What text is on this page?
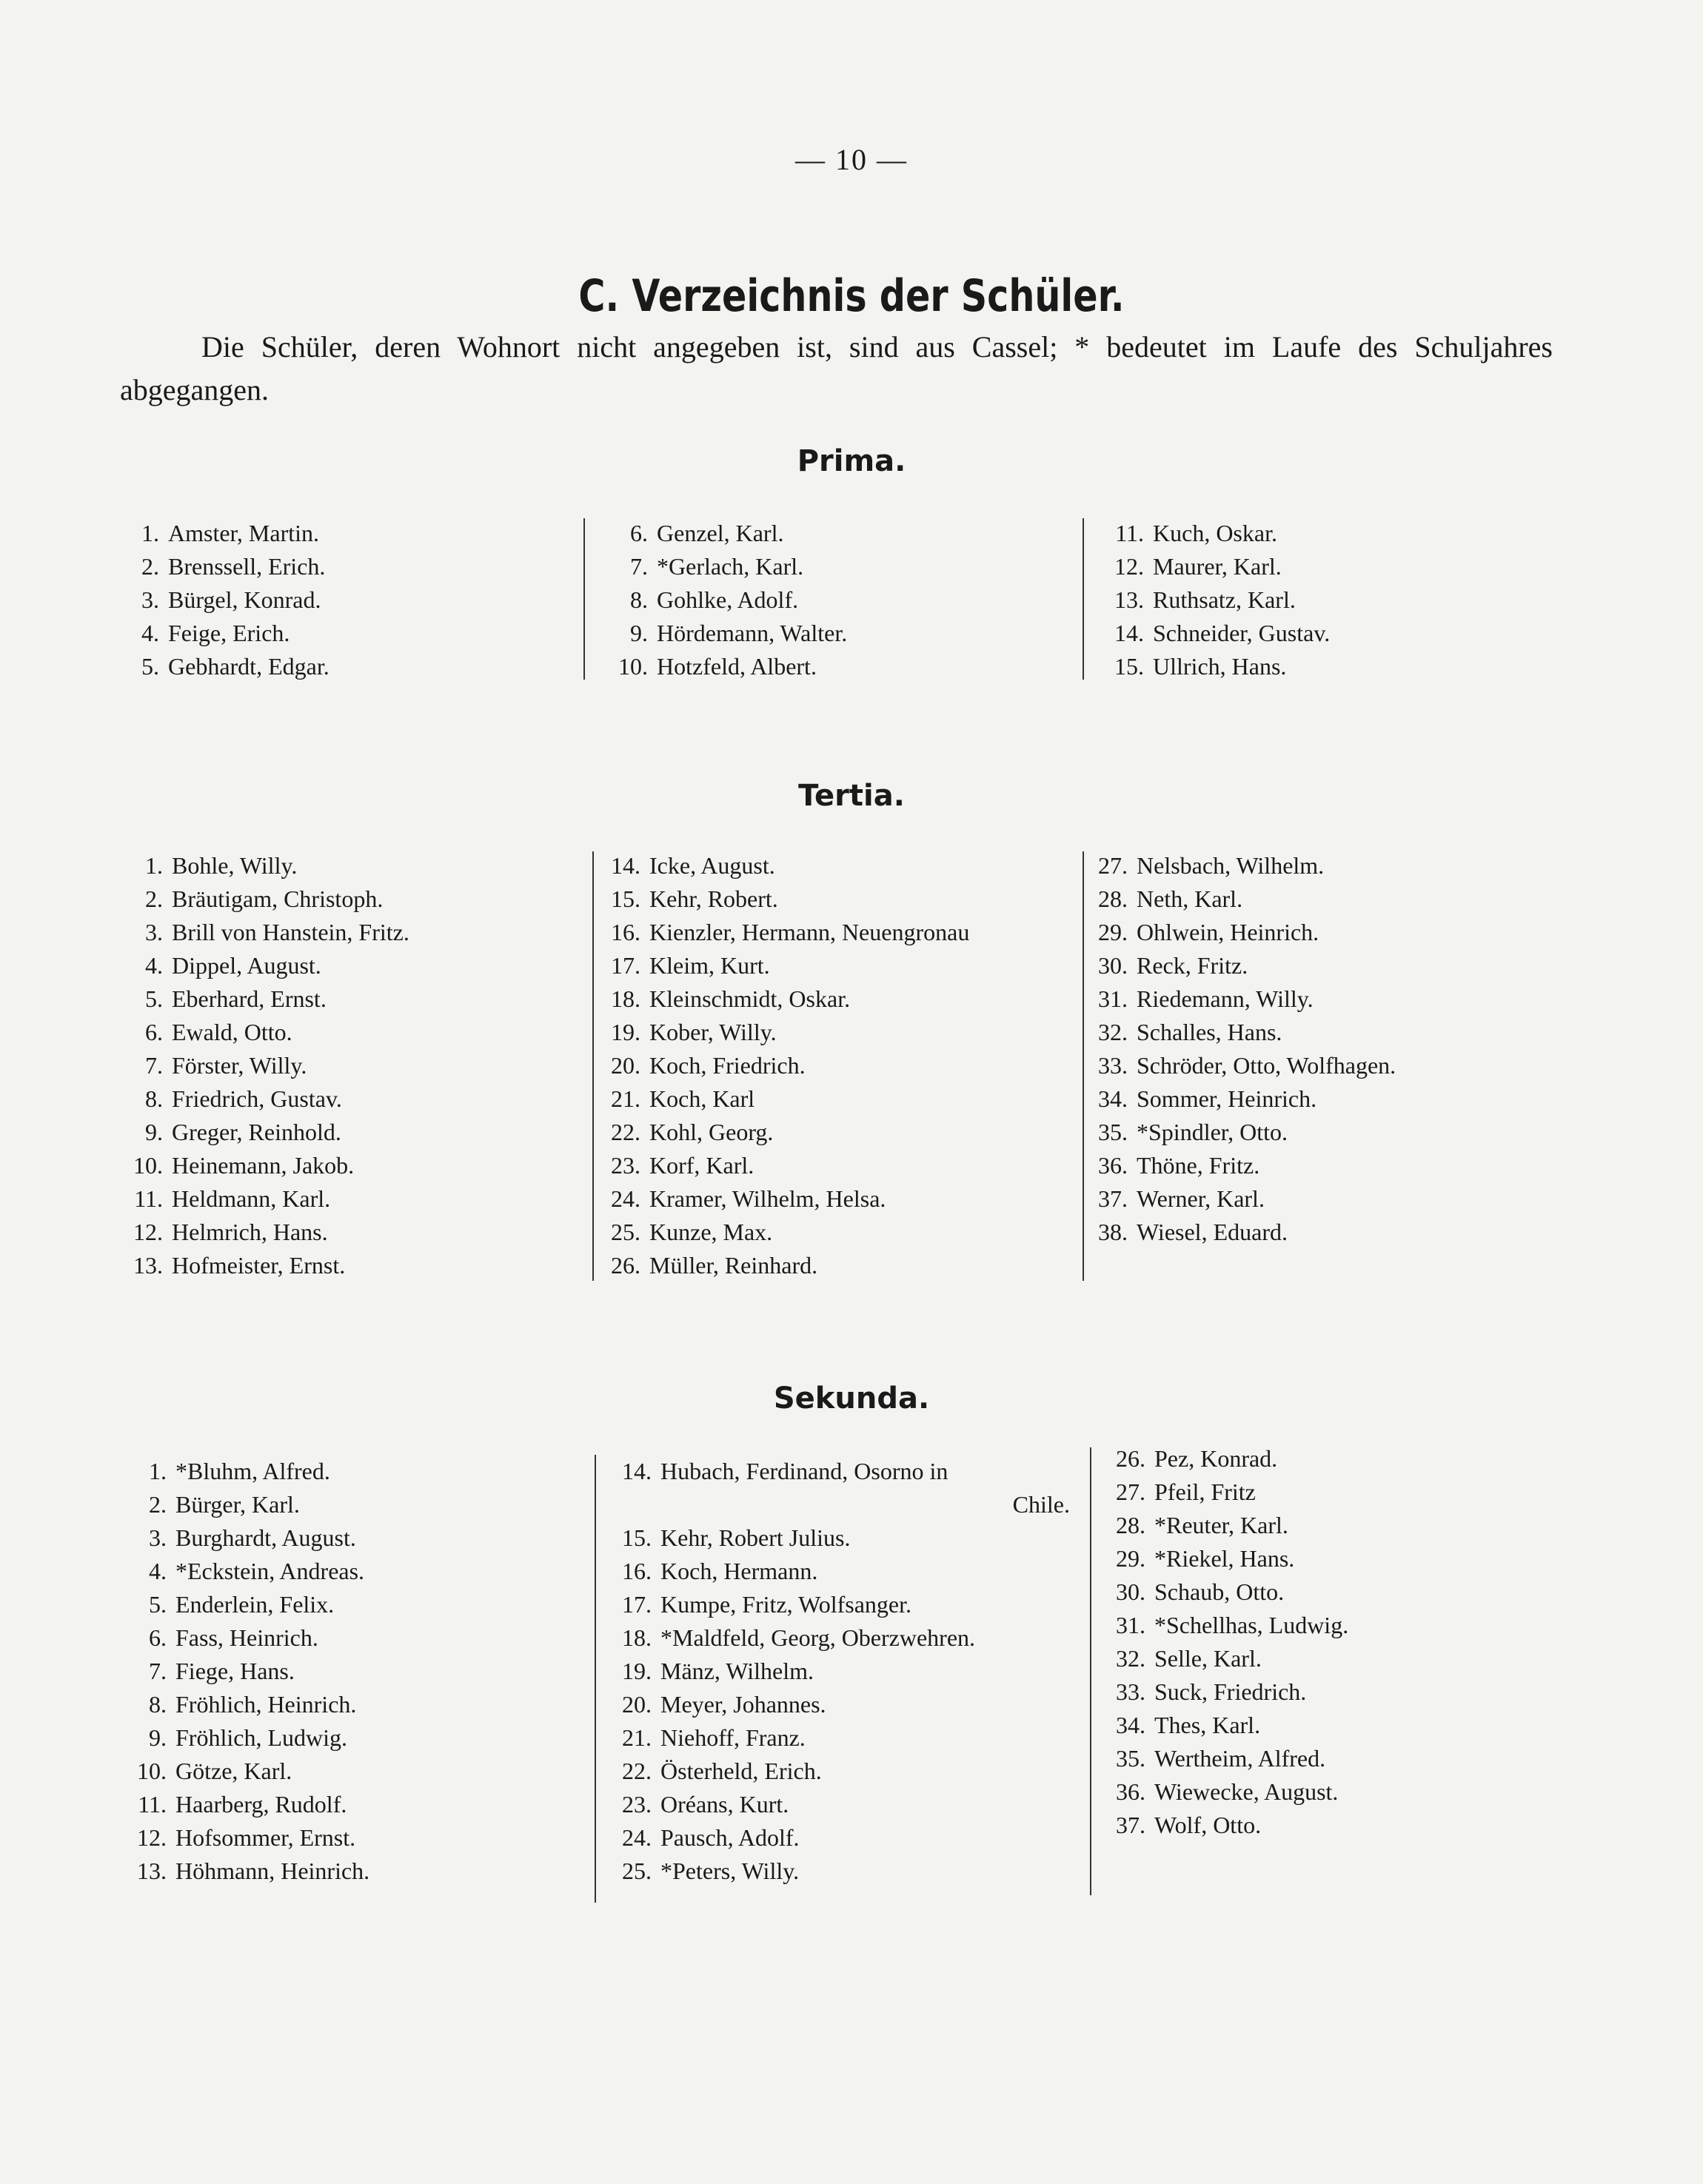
— 10 —
C. Verzeichnis der Schüler.
Die Schüler, deren Wohnort nicht angegeben ist, sind aus Cassel; * bedeutet im Laufe des Schuljahres abgegangen.
Prima.
1. Amster, Martin.
2. Brenssell, Erich.
3. Bürgel, Konrad.
4. Feige, Erich.
5. Gebhardt, Edgar.
6. Genzel, Karl.
7. *Gerlach, Karl.
8. Gohlke, Adolf.
9. Hördemann, Walter.
10. Hotzfeld, Albert.
11. Kuch, Oskar.
12. Maurer, Karl.
13. Ruthsatz, Karl.
14. Schneider, Gustav.
15. Ullrich, Hans.
Tertia.
1. Bohle, Willy.
2. Bräutigam, Christoph.
3. Brill von Hanstein, Fritz.
4. Dippel, August.
5. Eberhard, Ernst.
6. Ewald, Otto.
7. Förster, Willy.
8. Friedrich, Gustav.
9. Greger, Reinhold.
10. Heinemann, Jakob.
11. Heldmann, Karl.
12. Helmrich, Hans.
13. Hofmeister, Ernst.
14. Icke, August.
15. Kehr, Robert.
16. Kienzler, Hermann, Neuengronau
17. Kleim, Kurt.
18. Kleinschmidt, Oskar.
19. Kober, Willy.
20. Koch, Friedrich.
21. Koch, Karl
22. Kohl, Georg.
23. Korf, Karl.
24. Kramer, Wilhelm, Helsa.
25. Kunze, Max.
26. Müller, Reinhard.
27. Nelsbach, Wilhelm.
28. Neth, Karl.
29. Ohlwein, Heinrich.
30. Reck, Fritz.
31. Riedemann, Willy.
32. Schalles, Hans.
33. Schröder, Otto, Wolfhagen.
34. Sommer, Heinrich.
35. *Spindler, Otto.
36. Thöne, Fritz.
37. Werner, Karl.
38. Wiesel, Eduard.
Sekunda.
1. *Bluhm, Alfred.
2. Bürger, Karl.
3. Burghardt, August.
4. *Eckstein, Andreas.
5. Enderlein, Felix.
6. Fass, Heinrich.
7. Fiege, Hans.
8. Fröhlich, Heinrich.
9. Fröhlich, Ludwig.
10. Götze, Karl.
11. Haarberg, Rudolf.
12. Hofsommer, Ernst.
13. Höhmann, Heinrich.
14. Hubach, Ferdinand, Osorno in
Chile.
15. Kehr, Robert Julius.
16. Koch, Hermann.
17. Kumpe, Fritz, Wolfsanger.
18. *Maldfeld, Georg, Oberzwehren.
19. Mänz, Wilhelm.
20. Meyer, Johannes.
21. Niehoff, Franz.
22. Österheld, Erich.
23. Oréans, Kurt.
24. Pausch, Adolf.
25. *Peters, Willy.
26. Pez, Konrad.
27. Pfeil, Fritz
28. *Reuter, Karl.
29. *Riekel, Hans.
30. Schaub, Otto.
31. *Schellhas, Ludwig.
32. Selle, Karl.
33. Suck, Friedrich.
34. Thes, Karl.
35. Wertheim, Alfred.
36. Wiewecke, August.
37. Wolf, Otto.
